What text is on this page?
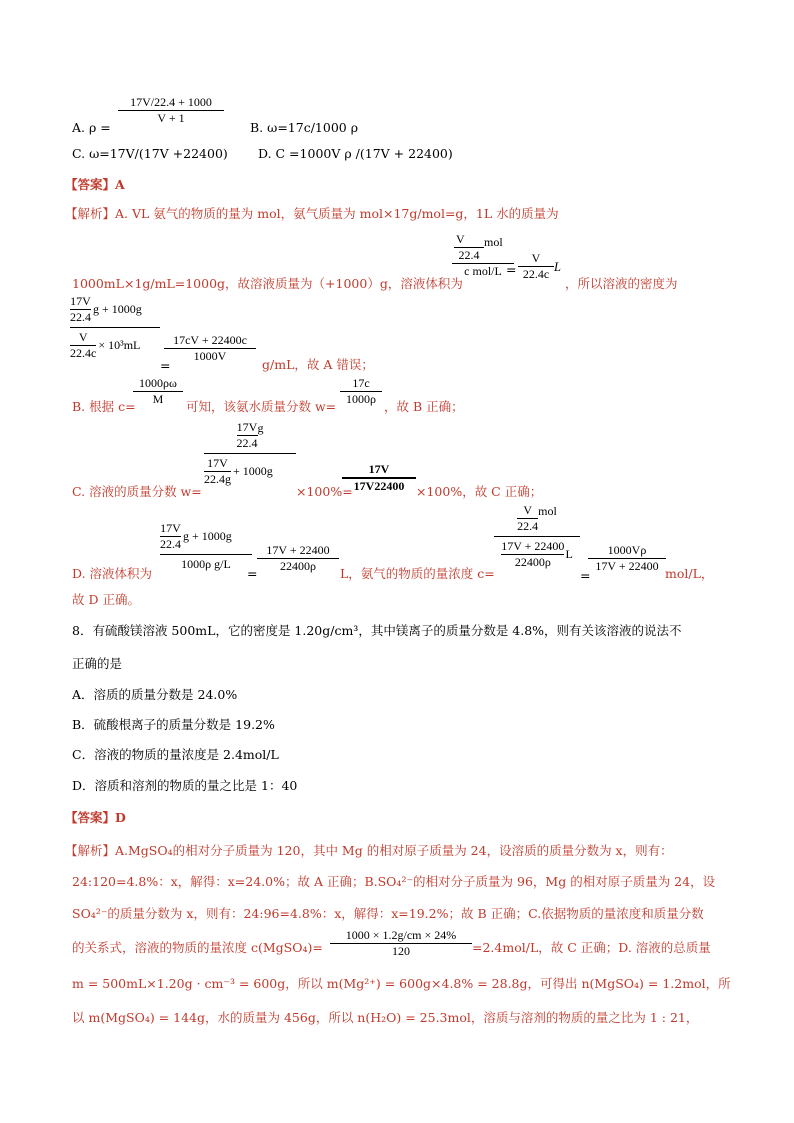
17V/22.4 + 1000
V + 1
A. ρ =	B. ω=17c/1000 ρ
C. ω=17V/(17V +22400) D. C =1000V ρ /(17V + 22400)
【答案】A
【解析】A. VL 氨气的物质的量为 mol，氨气质量为 mol×17g/mol=g，1L 水的质量为
V
22.4
mol
c mol/L =
V
22.4c L
1000mL×1g/mL=1000g，故溶液质量为（+1000）g，溶液体积为	，所以溶液的密度为
$\frac{17V}{22.4}$ g + 1000g
$\frac{V}{22.4c} \times 10^3mL$
=
17cV + 22400c
1000V
g/mL，故 A 错误；
B. 根据 c=
1000ρω
M	可知，该氨水质量分数 w=
17c
1000ρ ，故 B 正确；
$\frac{17V}{22.4}$ g
17V
22.4g
+ 1000g
C. 溶液的质量分数 w=	×100%=
17V
17V22400 ×100%，故 C 正确；
$\frac{17V}{22.4}$ g + 1000g
1000ρ g/L
=
17V + 22400
22400ρ
D. 溶液体积为	L，氨气的物质的量浓度 c=
$\frac{V}{22.4}$ mol
$\frac{17V + 22400}{22400\rho}$ L
=
1000Vρ
17V + 22400 mol/L，
故 D 正确。
8．有硫酸镁溶液 500mL，它的密度是 1.20g/cm³，其中镁离子的质量分数是 4.8%，则有关该溶液的说法不
正确的是
A．溶质的质量分数是 24.0%
B．硫酸根离子的质量分数是 19.2%
C．溶液的物质的量浓度是 2.4mol/L
D．溶质和溶剂的物质的量之比是 1：40
【答案】D
【解析】A.MgSO₄的相对分子质量为 120，其中 Mg 的相对原子质量为 24，设溶质的质量分数为 x，则有：
24:120=4.8%：x，解得：x=24.0%；故 A 正确；B.SO₄²⁻的相对分子质量为 96，Mg 的相对原子质量为 24，设
SO₄²⁻的质量分数为 x，则有：24:96=4.8%：x，解得：x=19.2%；故 B 正确；C.依据物质的量浓度和质量分数
的关系式，溶液的物质的量浓度 c(MgSO₄)=
1000 × 1.2g/cm × 24%
120	=2.4mol/L，故 C 正确；D. 溶液的总质量
m = 500mL×1.20g · cm⁻³ = 600g，所以 m(Mg²⁺) = 600g×4.8% = 28.8g，可得出 n(MgSO₄) = 1.2mol，所
以 m(MgSO₄) = 144g，水的质量为 456g，所以 n(H₂O) = 25.3mol，溶质与溶剂的物质的量之比为 1 : 21，
